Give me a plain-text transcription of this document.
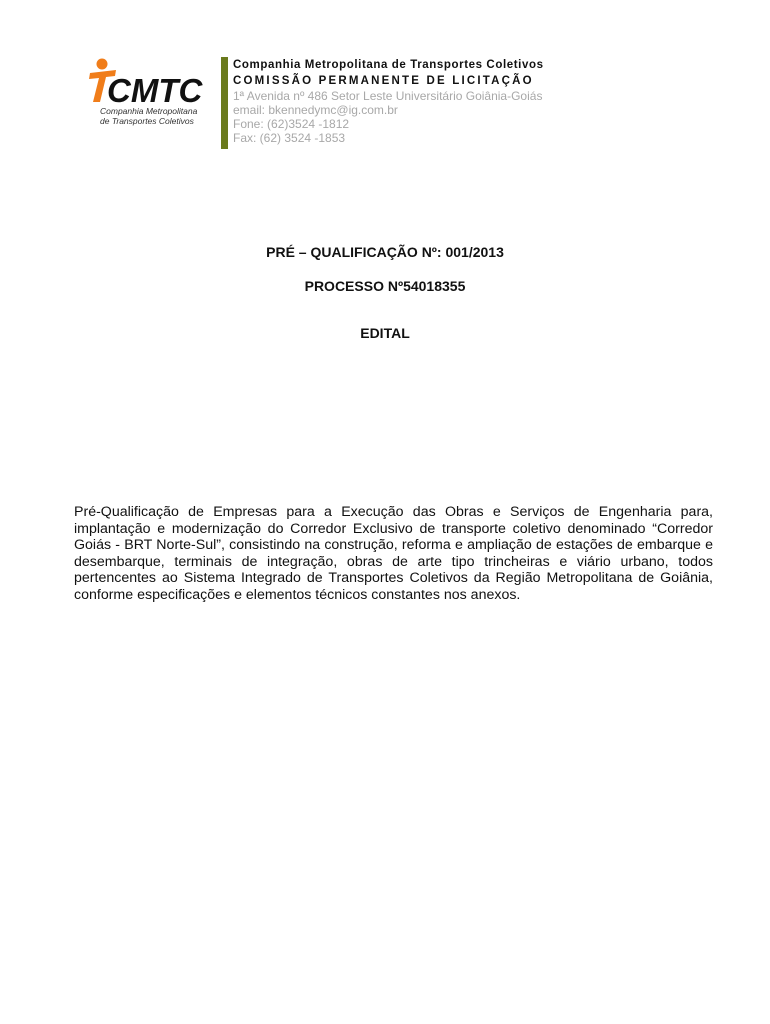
CMTC
Companhia Metropolitana
de Transportes Coletivos
Companhia Metropolitana de Transportes Coletivos
COMISSÃO PERMANENTE DE LICITAÇÃO
1ª Avenida nº 486 Setor Leste Universitário Goiânia-Goiás
email: bkennedymc@ig.com.br
Fone: (62)3524 -1812
Fax: (62) 3524 -1853
PRÉ – QUALIFICAÇÃO Nº: 001/2013
PROCESSO Nº54018355
EDITAL
Pré-Qualificação de Empresas para a Execução das Obras e Serviços de Engenharia para, implantação e modernização do Corredor Exclusivo de transporte coletivo denominado “Corredor Goiás - BRT Norte-Sul”, consistindo na construção, reforma e ampliação de estações de embarque e desembarque, terminais de integração, obras de arte tipo trincheiras e viário urbano, todos pertencentes ao Sistema Integrado de Transportes Coletivos da Região Metropolitana de Goiânia, conforme especificações e elementos técnicos constantes nos anexos.
